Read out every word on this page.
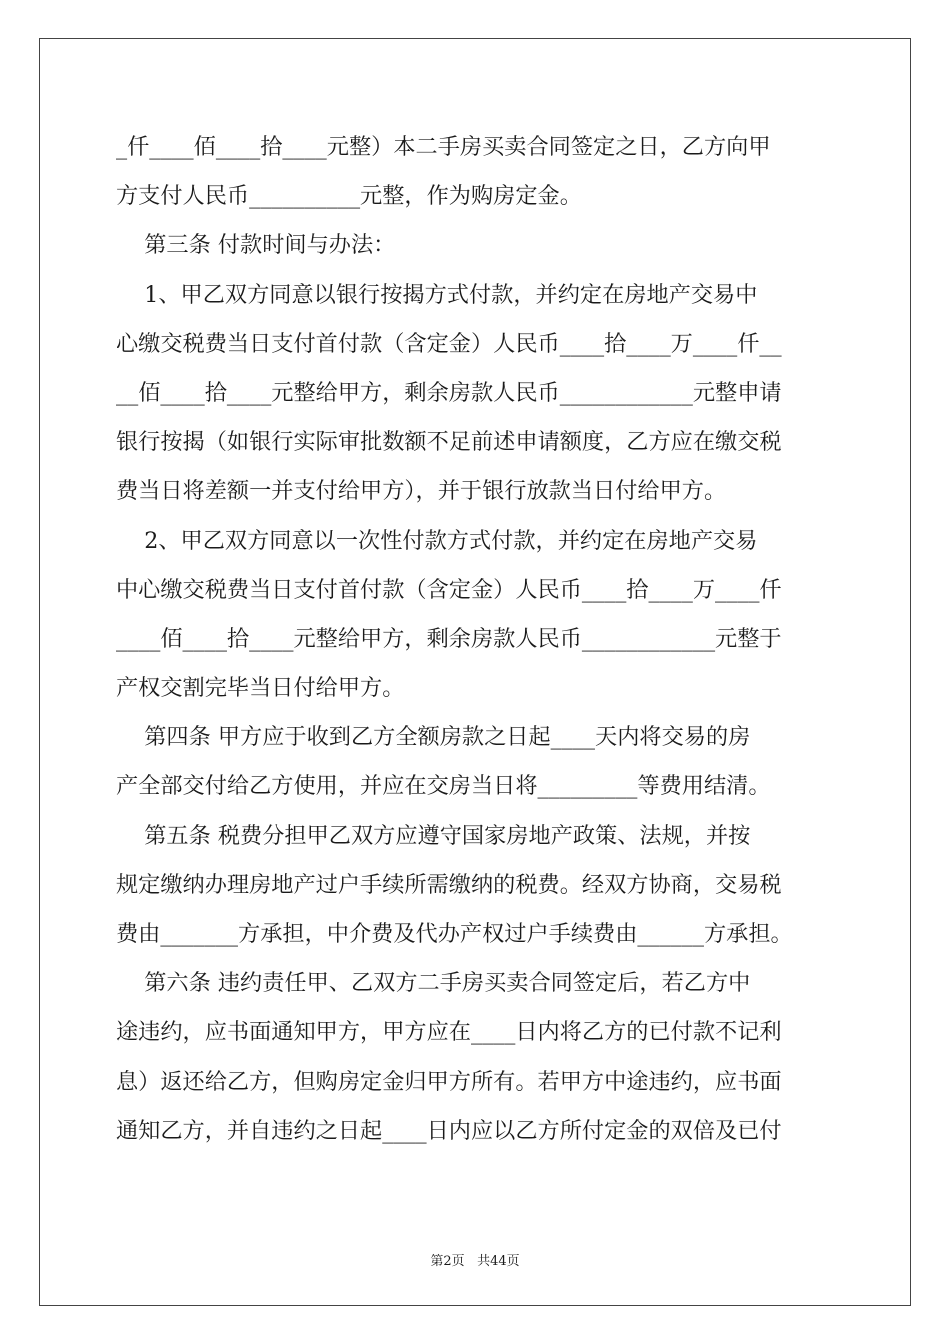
_仟____佰____拾____元整）本二手房买卖合同签定之日，乙方向甲
方支付人民币__________元整，作为购房定金。
第三条 付款时间与办法：
1、甲乙双方同意以银行按揭方式付款，并约定在房地产交易中
心缴交税费当日支付首付款（含定金）人民币____拾____万____仟__
__佰____拾____元整给甲方，剩余房款人民币____________元整申请
银行按揭（如银行实际审批数额不足前述申请额度，乙方应在缴交税
费当日将差额一并支付给甲方），并于银行放款当日付给甲方。
2、甲乙双方同意以一次性付款方式付款，并约定在房地产交易
中心缴交税费当日支付首付款（含定金）人民币____拾____万____仟
____佰____拾____元整给甲方，剩余房款人民币____________元整于
产权交割完毕当日付给甲方。
第四条 甲方应于收到乙方全额房款之日起____天内将交易的房
产全部交付给乙方使用，并应在交房当日将_________等费用结清。
第五条 税费分担甲乙双方应遵守国家房地产政策、法规，并按
规定缴纳办理房地产过户手续所需缴纳的税费。经双方协商，交易税
费由_______方承担，中介费及代办产权过户手续费由______方承担。
第六条 违约责任甲、乙双方二手房买卖合同签定后，若乙方中
途违约，应书面通知甲方，甲方应在____日内将乙方的已付款不记利
息）返还给乙方，但购房定金归甲方所有。若甲方中途违约，应书面
通知乙方，并自违约之日起____日内应以乙方所付定金的双倍及已付
第2页 共44页
